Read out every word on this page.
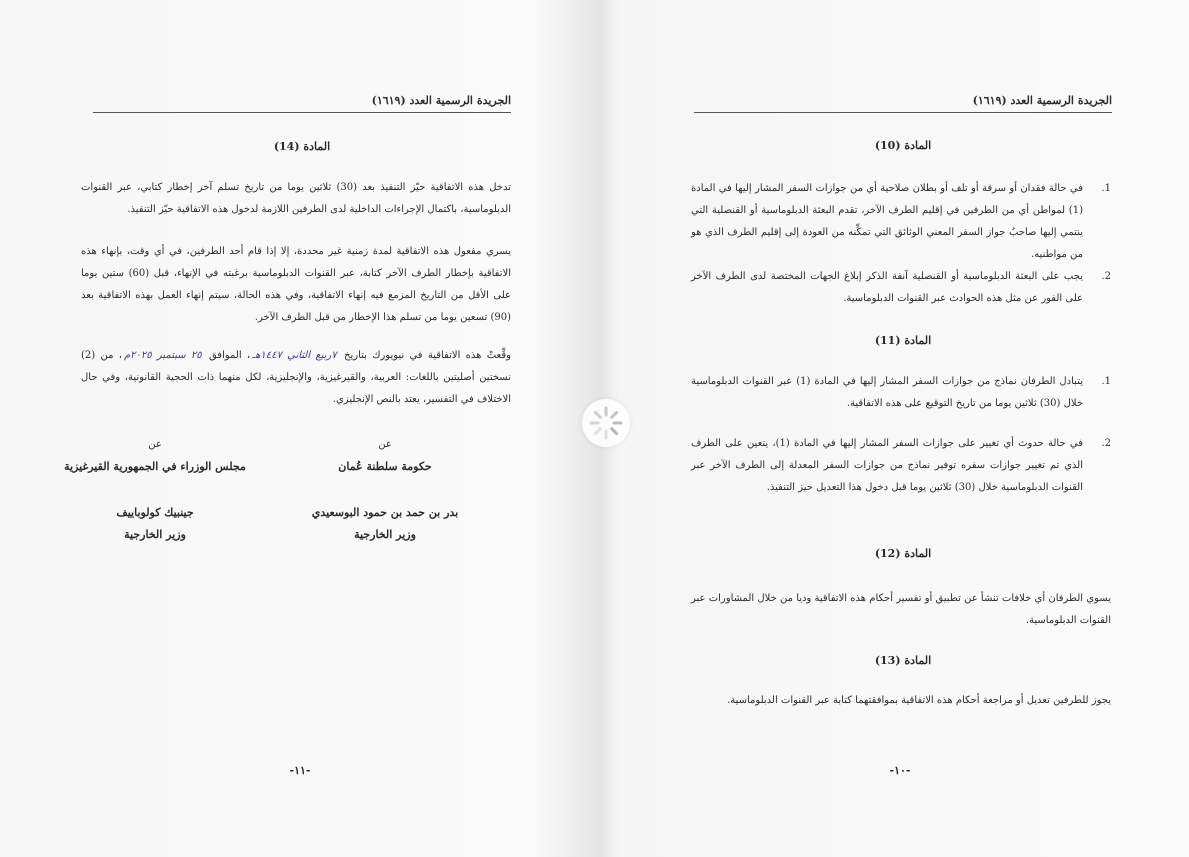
الجريدة الرسمية العدد (١٦١٩)
المادة (14)

تدخل هذه الاتفاقية حيّز التنفيذ بعد (30) ثلاثين يوما من تاريخ تسلم آخر إخطار كتابي، عبر القنوات الدبلوماسية، باكتمال الإجراءات الداخلية لدى الطرفين اللازمة لدخول هذه الاتفاقية حيّز التنفيذ.

يسري مفعول هذه الاتفاقية لمدة زمنية غير محددة، إلا إذا قام أحد الطرفين، في أي وقت، بإنهاء هذه الاتفاقية بإخطار الطرف الآخر كتابة، عبر القنوات الدبلوماسية برغبته في الإنهاء، قبل (60) ستين يوما على الأقل من التاريخ المزمع فيه إنهاء الاتفاقية، وفي هذه الحالة، سيتم إنهاء العمل بهذه الاتفاقية بعد (90) تسعين يوما من تسلم هذا الإخطار من قبل الطرف الآخر.

وقِّعتْ هذه الاتفاقية في نيويورك بتاريخ ٧ربيع الثاني ١٤٤٧هـ، الموافق ٢٥ سبتمبر ٢٠٢٥م، من (2) نسختين أصليتين باللغات: العربية، والقيرغيزية، والإنجليزية، لكل منهما ذات الحجية القانونية، وفي حال الاختلاف في التفسير، يعتد بالنص الإنجليزي.

عن
حكومة سلطنة عُمان
بدر بن حمد بن حمود البوسعيدي
وزير الخارجية
عن
مجلس الوزراء في الجمهورية القيرغيزية
جينبيك كولوباييف
وزير الخارجية
-١١-
الجريدة الرسمية العدد (١٦١٩)
المادة (10)
1.
في حالة فقدان أو سرقة أو تلف أو بطلان صلاحية أي من جوازات السفر المشار إليها في المادة (1) لمواطن أي من الطرفين في إقليم الطرف الآخر، تقدم البعثة الدبلوماسية أو القنصلية التي ينتمي إليها صاحبُ جواز السفر المعني الوثائق التي تمكِّنه من العودة إلى إقليم الطرف الذي هو من مواطنيه.
2.
يجب على البعثة الدبلوماسية أو القنصلية آنفة الذكر إبلاغ الجهات المختصة لدى الطرف الآخر على الفور عن مثل هذه الحوادث عبر القنوات الدبلوماسية.
المادة (11)
1.
يتبادل الطرفان نماذج من جوازات السفر المشار إليها في المادة (1) عبر القنوات الدبلوماسية خلال (30) ثلاثين يوما من تاريخ التوقيع على هذه الاتفاقية.
2.
في حالة حدوث أي تغيير على جوازات السفر المشار إليها في المادة (1)، يتعين على الطرف الذي تم تغيير جوازات سفره توفير نماذج من جوازات السفر المعدلة إلى الطرف الآخر عبر القنوات الدبلوماسية خلال (30) ثلاثين يوما قبل دخول هذا التعديل حيز التنفيذ.
المادة (12)

يسوي الطرفان أي خلافات تنشأ عن تطبيق أو تفسير أحكام هذه الاتفاقية وديا من خلال المشاورات عبر القنوات الدبلوماسية.

المادة (13)

يجوز للطرفين تعديل أو مراجعة أحكام هذه الاتفاقية بموافقتهما كتابة عبر القنوات الدبلوماسية.

-١٠-
